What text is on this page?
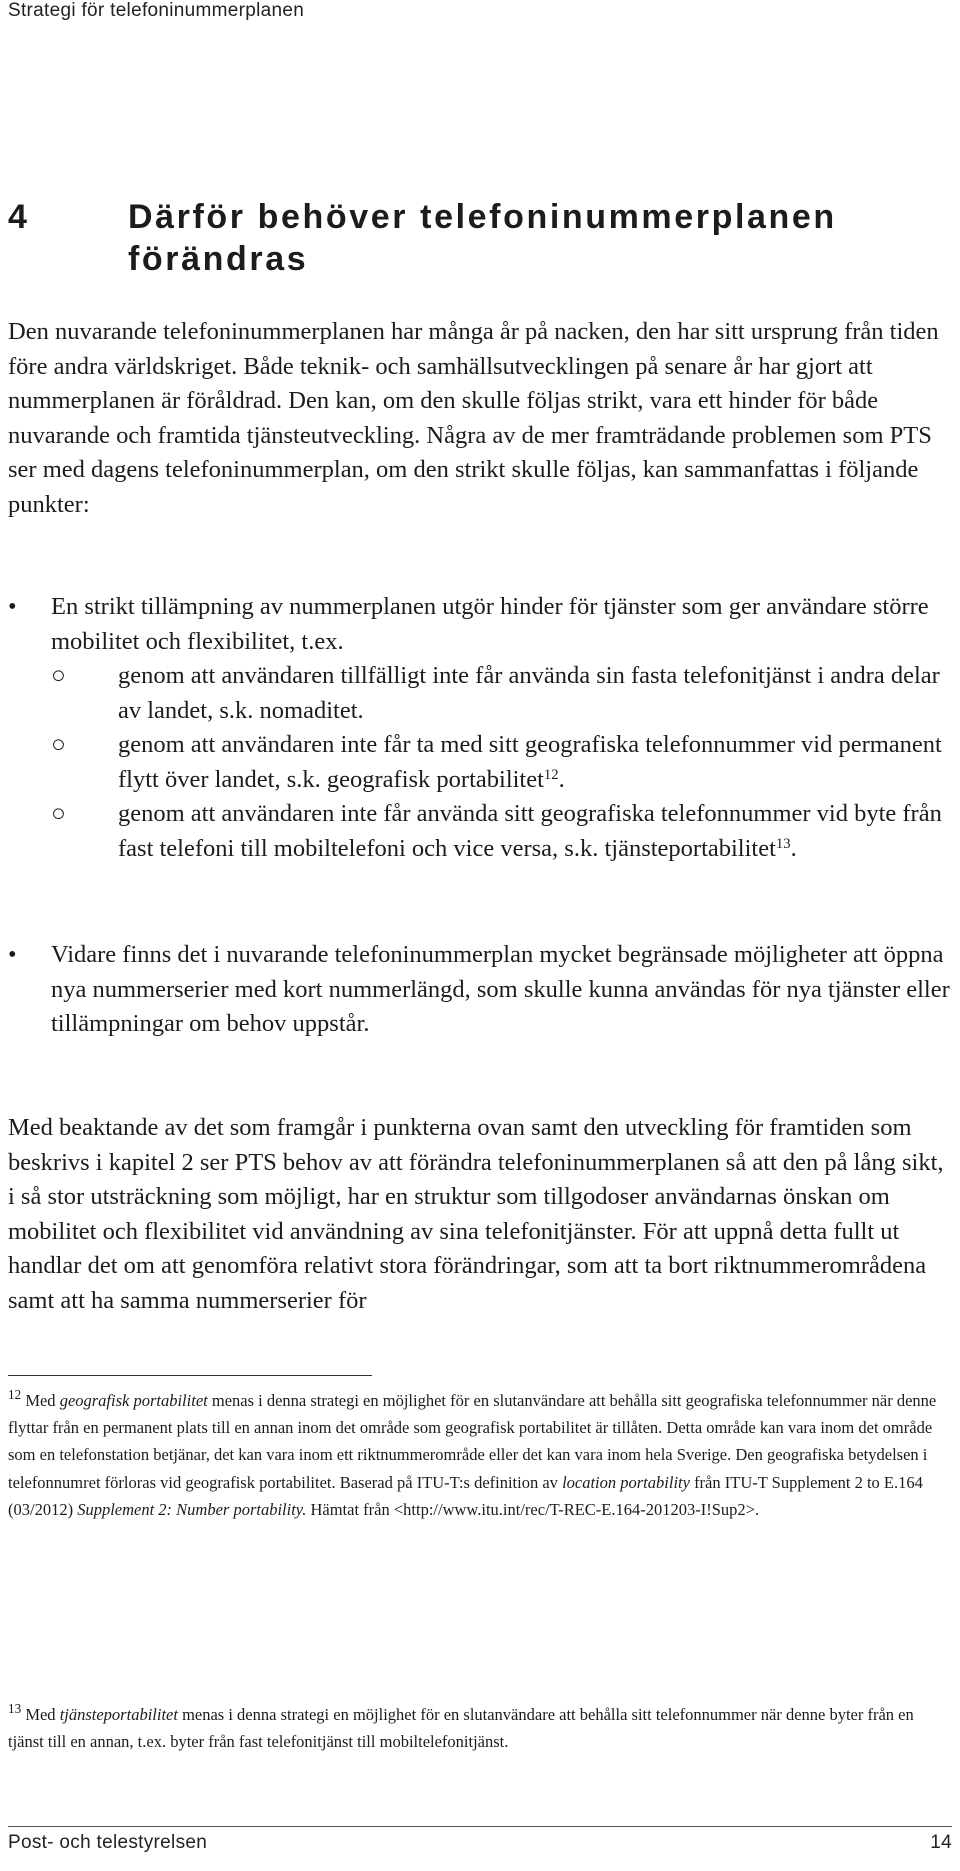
Strategi för telefoninummerplanen
4	Därför behöver telefoninummerplanen förändras
Den nuvarande telefoninummerplanen har många år på nacken, den har sitt ursprung från tiden före andra världskriget. Både teknik- och samhällsutvecklingen på senare år har gjort att nummerplanen är föråldrad. Den kan, om den skulle följas strikt, vara ett hinder för både nuvarande och framtida tjänsteutveckling. Några av de mer framträdande problemen som PTS ser med dagens telefoninummerplan, om den strikt skulle följas, kan sammanfattas i följande punkter:
• En strikt tillämpning av nummerplanen utgör hinder för tjänster som ger användare större mobilitet och flexibilitet, t.ex.
○ genom att användaren tillfälligt inte får använda sin fasta telefonitjänst i andra delar av landet, s.k. nomaditet.
○ genom att användaren inte får ta med sitt geografiska telefonnummer vid permanent flytt över landet, s.k. geografisk portabilitet$^{12}$.
○ genom att användaren inte får använda sitt geografiska telefonnummer vid byte från fast telefoni till mobiltelefoni och vice versa, s.k. tjänsteportabilitet$^{13}$.
• Vidare finns det i nuvarande telefoninummerplan mycket begränsade möjligheter att öppna nya nummerserier med kort nummerlängd, som skulle kunna användas för nya tjänster eller tillämpningar om behov uppstår.
Med beaktande av det som framgår i punkterna ovan samt den utveckling för framtiden som beskrivs i kapitel 2 ser PTS behov av att förändra telefoninummerplanen så att den på lång sikt, i så stor utsträckning som möjligt, har en struktur som tillgodoser användarnas önskan om mobilitet och flexibilitet vid användning av sina telefonitjänster. För att uppnå detta fullt ut handlar det om att genomföra relativt stora förändringar, som att ta bort riktnummerområdena samt att ha samma nummerserier för
$^{12}$ Med geografisk portabilitet menas i denna strategi en möjlighet för en slutanvändare att behålla sitt geografiska telefonnummer när denne flyttar från en permanent plats till en annan inom det område som geografisk portabilitet är tillåten. Detta område kan vara inom det område som en telefonstation betjänar, det kan vara inom ett riktnummerområde eller det kan vara inom hela Sverige. Den geografiska betydelsen i telefonnumret förloras vid geografisk portabilitet. Baserad på ITU-T:s definition av location portability från ITU-T Supplement 2 to E.164 (03/2012) Supplement 2: Number portability. Hämtat från <http://www.itu.int/rec/T-REC-E.164-201203-I!Sup2>.
$^{13}$ Med tjänsteportabilitet menas i denna strategi en möjlighet för en slutanvändare att behålla sitt telefonnummer när denne byter från en tjänst till en annan, t.ex. byter från fast telefonitjänst till mobiltelefonitjänst.
Post- och telestyrelsen	14
